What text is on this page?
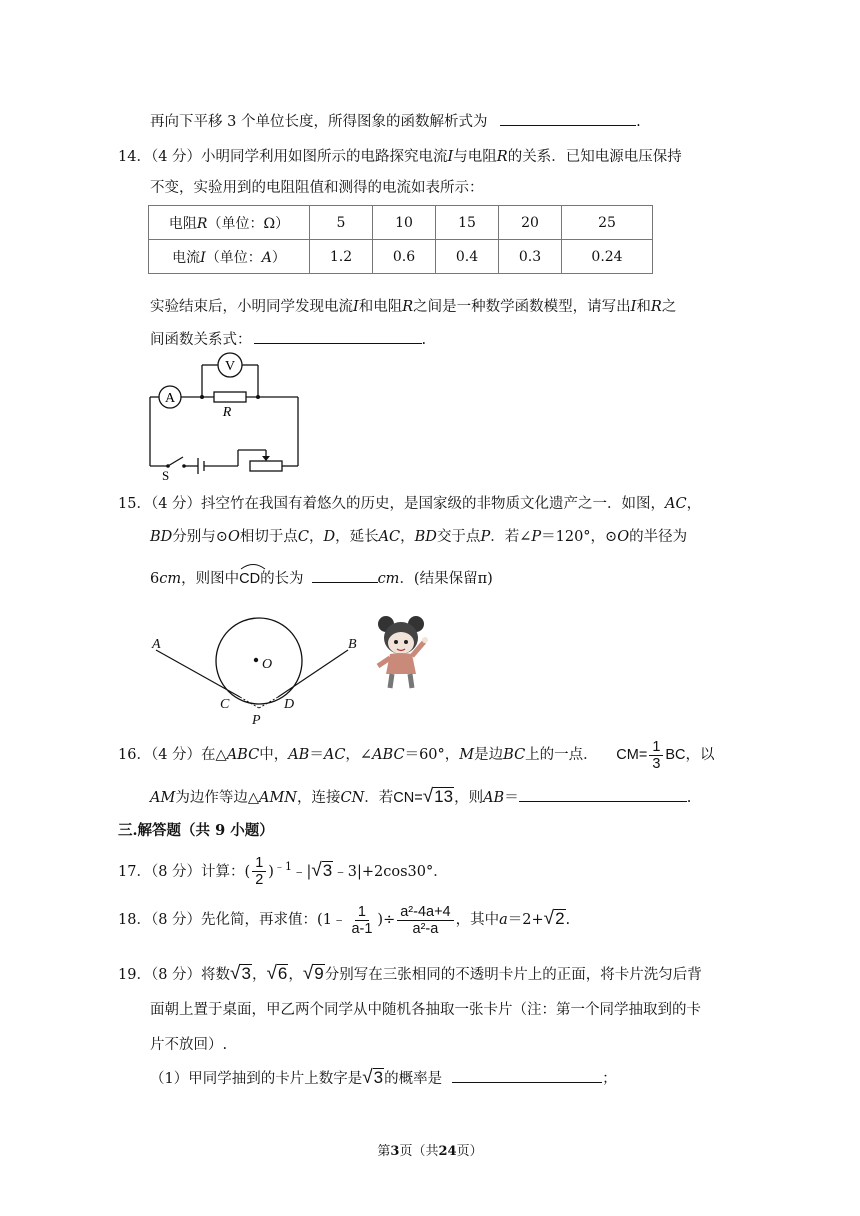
再向下平移 3 个单位长度，所得图象的函数解析式为	.
14．（4 分）小明同学利用如图所示的电路探究电流I与电阻R的关系．已知电源电压保持
不变，实验用到的电阻阻值和测得的电流如表所示：
电阻R（单位：Ω）	5	10	15	20	25
电流I（单位：A）	1.2	0.6	0.4	0.3	0.24
实验结束后，小明同学发现电流I和电阻R之间是一种数学函数模型，请写出I和R之
间函数关系式：	.
A
V
R
S
15．（4 分）抖空竹在我国有着悠久的历史，是国家级的非物质文化遗产之一．如图，AC，
BD分别与⊙O相切于点C，D，延长AC，BD交于点P．若∠P＝120°，⊙O的半径为
6cm，则图中
CD的长为	cm．(结果保留π)
A	B
O
C	D
P
16．（4 分）在△ABC中，AB＝AC，∠ABC＝60°，M是边BC上的一点． $CM= \frac{1}{3}$ BC，以
AM为边作等边△AMN，连接CN．若CN= √ 13 ，则AB＝	.
三.解答题（共 9 小题）
17．（8 分）计算：( $\frac{1}{2}$ )$^{﹣1}$﹣| √ 3 ﹣3|+2cos30°．
18．（8 分）先化简，再求值：(1﹣ $\frac{1}{a-1}$ )÷ $\frac{\text{a²-4a+4}}{\text{a²-a}}$ ，其中a＝2+ √ 2 .
19．（8 分）将数 √ 3 ， √ 6 ， √ 9 分别写在三张相同的不透明卡片上的正面，将卡片洗匀后背
面朝上置于桌面，甲乙两个同学从中随机各抽取一张卡片（注：第一个同学抽取到的卡
片不放回）.
（1）甲同学抽到的卡片上数字是 √ 3 的概率是	；
第3页（共24页）
